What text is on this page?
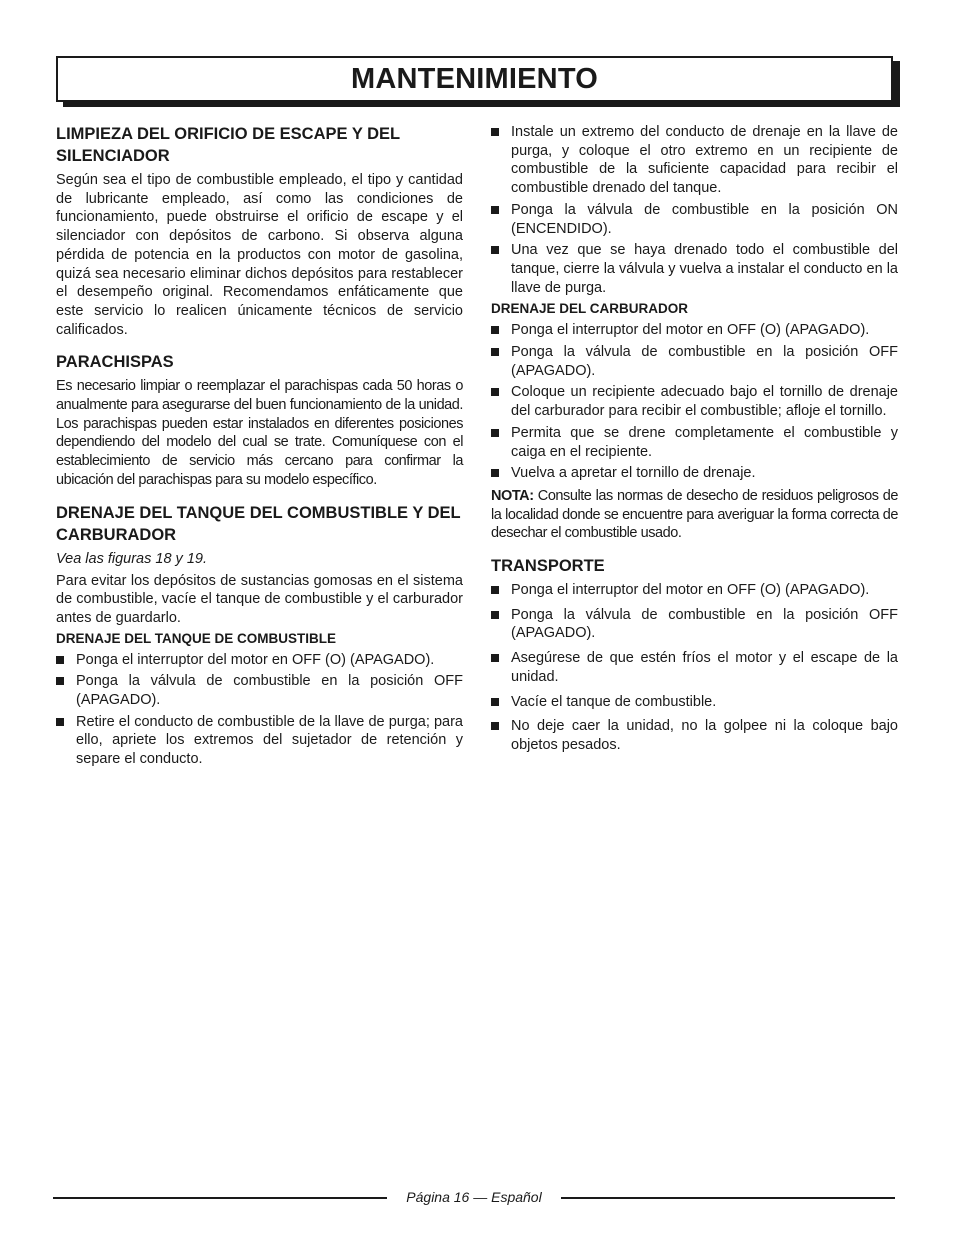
MANTENIMIENTO
LIMPIEZA DEL ORIFICIO DE ESCAPE Y DEL SILENCIADOR

Según sea el tipo de combustible empleado, el tipo y cantidad de lubricante empleado, así como las condiciones de funcionamiento, puede obstruirse el orificio de escape y el silenciador con depósitos de carbono. Si observa alguna pérdida de potencia en la productos con motor de gasolina, quizá sea necesario eliminar dichos depósitos para restablecer el desempeño original. Recomendamos enfáticamente que este servicio lo realicen únicamente técnicos de servicio calificados.

PARACHISPAS

Es necesario limpiar o reemplazar el parachispas cada 50 horas o anualmente para asegurarse del buen funcionamiento de la unidad. Los parachispas pueden estar instalados en diferentes posiciones dependiendo del modelo del cual se trate. Comuníquese con el establecimiento de servicio más cercano para confirmar la ubicación del parachispas para su modelo específico.

DRENAJE DEL TANQUE DEL COMBUSTIBLE Y DEL CARBURADOR
Vea las figuras 18 y 19.

Para evitar los depósitos de sustancias gomosas en el sistema de combustible, vacíe el tanque de combustible y el carburador antes de guardarlo.

DRENAJE DEL TANQUE DE COMBUSTIBLE
Ponga el interruptor del motor en OFF (O) (APAGADO).
Ponga la válvula de combustible en la posición OFF (APAGADO).
Retire el conducto de combustible de la llave de purga; para ello, apriete los extremos del sujetador de retención y separe el conducto.
Instale un extremo del conducto de drenaje en la llave de purga, y coloque el otro extremo en un recipiente de combustible de la suficiente capacidad para recibir el combustible drenado del tanque.
Ponga la válvula de combustible en la posición ON (ENCENDIDO).
Una vez que se haya drenado todo el combustible del tanque, cierre la válvula y vuelva a instalar el conducto en la llave de purga.
DRENAJE DEL CARBURADOR
Ponga el interruptor del motor en OFF (O) (APAGADO).
Ponga la válvula de combustible en la posición OFF (APAGADO).
Coloque un recipiente adecuado bajo el tornillo de drenaje del carburador para recibir el combustible; afloje el tornillo.
Permita que se drene completamente el combustible y caiga en el recipiente.
Vuelva a apretar el tornillo de drenaje.

NOTA: Consulte las normas de desecho de residuos peligrosos de la localidad donde se encuentre para averiguar la forma correcta de desechar el combustible usado.

TRANSPORTE
Ponga el interruptor del motor en OFF (O) (APAGADO).
Ponga la válvula de combustible en la posición OFF (APAGADO).
Asegúrese de que estén fríos el motor y el escape de la unidad.
Vacíe el tanque de combustible.
No deje caer la unidad, no la golpee ni la coloque bajo objetos pesados.
Página 16 — Español
